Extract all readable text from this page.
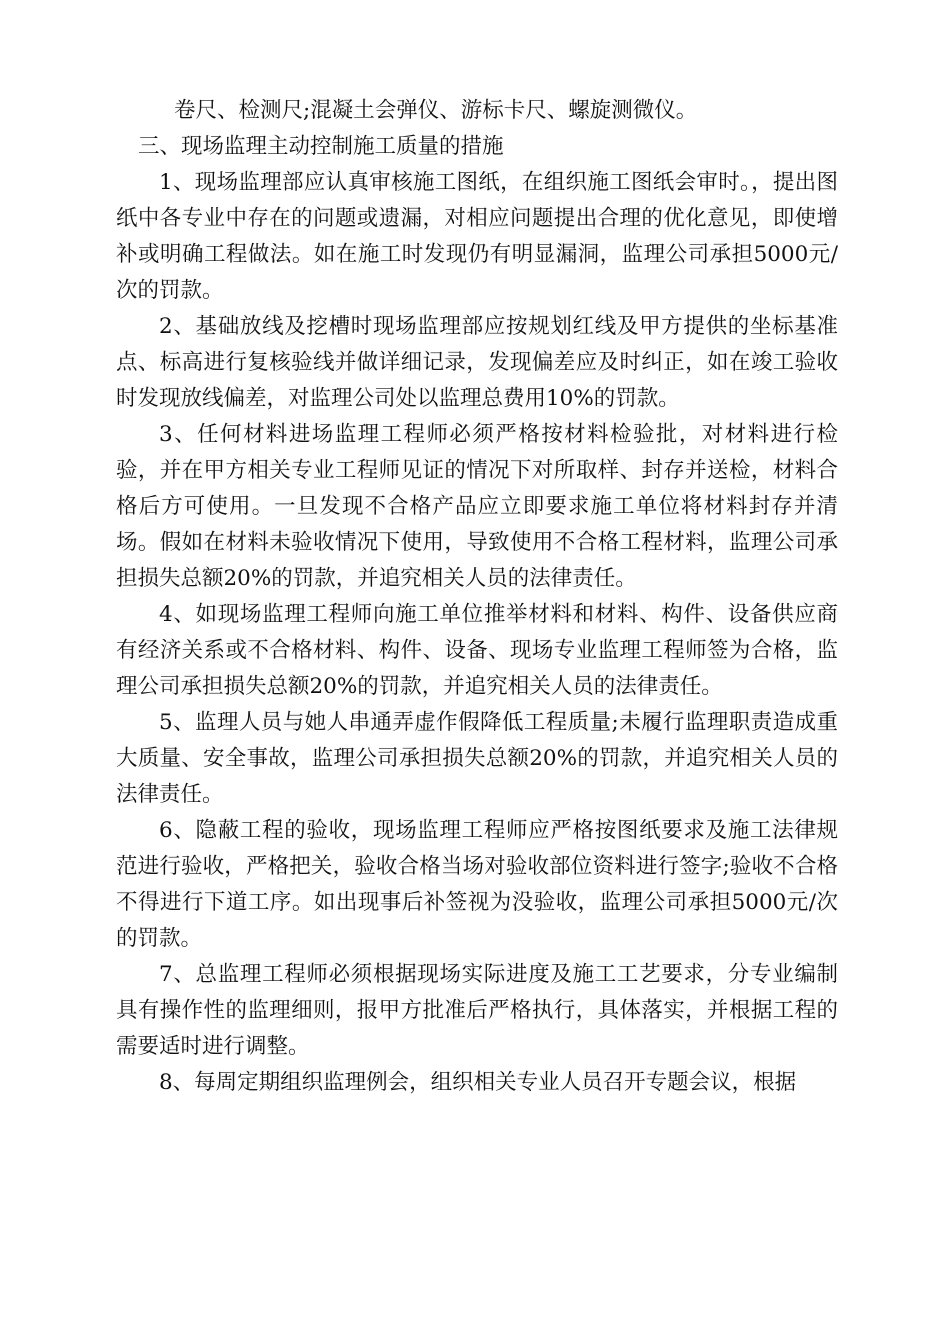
卷尺、检测尺;混凝土会弹仪、游标卡尺、螺旋测微仪。

三、现场监理主动控制施工质量的措施

1、现场监理部应认真审核施工图纸，在组织施工图纸会审时。，提出图纸中各专业中存在的问题或遗漏，对相应问题提出合理的优化意见，即使增补或明确工程做法。如在施工时发现仍有明显漏洞，监理公司承担5000元/次的罚款。

2、基础放线及挖槽时现场监理部应按规划红线及甲方提供的坐标基准点、标高进行复核验线并做详细记录，发现偏差应及时纠正，如在竣工验收时发现放线偏差，对监理公司处以监理总费用10%的罚款。

3、任何材料进场监理工程师必须严格按材料检验批，对材料进行检验，并在甲方相关专业工程师见证的情况下对所取样、封存并送检，材料合格后方可使用。一旦发现不合格产品应立即要求施工单位将材料封存并清场。假如在材料未验收情况下使用，导致使用不合格工程材料，监理公司承担损失总额20%的罚款，并追究相关人员的法律责任。

4、如现场监理工程师向施工单位推举材料和材料、构件、设备供应商有经济关系或不合格材料、构件、设备、现场专业监理工程师签为合格，监理公司承担损失总额20%的罚款，并追究相关人员的法律责任。

5、监理人员与她人串通弄虚作假降低工程质量;未履行监理职责造成重大质量、安全事故，监理公司承担损失总额20%的罚款，并追究相关人员的法律责任。

6、隐蔽工程的验收，现场监理工程师应严格按图纸要求及施工法律规范进行验收，严格把关，验收合格当场对验收部位资料进行签字;验收不合格不得进行下道工序。如出现事后补签视为没验收，监理公司承担5000元/次的罚款。

7、总监理工程师必须根据现场实际进度及施工工艺要求，分专业编制具有操作性的监理细则，报甲方批准后严格执行，具体落实，并根据工程的需要适时进行调整。

8、每周定期组织监理例会，组织相关专业人员召开专题会议，根据
